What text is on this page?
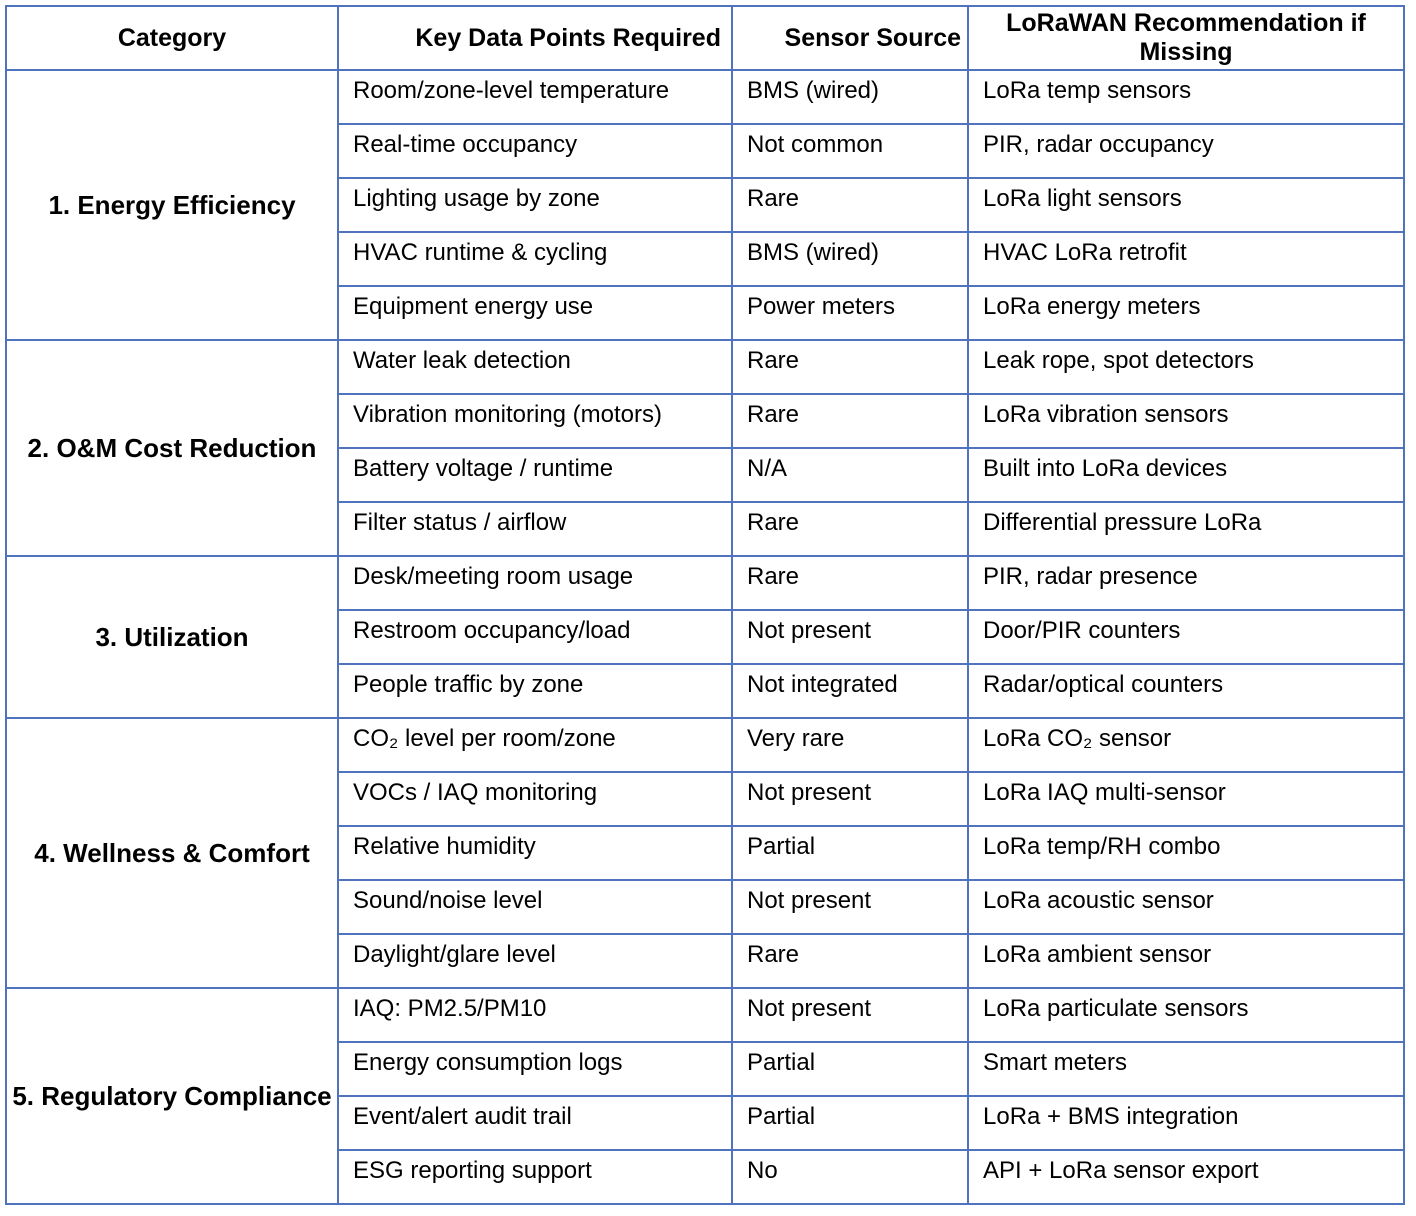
Category	Key Data Points Required	Sensor Source	LoRaWAN Recommendation if Missing
1. Energy Efficiency	Room/zone-level temperature	BMS (wired)	LoRa temp sensors
	Real-time occupancy	Not common	PIR, radar occupancy
	Lighting usage by zone	Rare	LoRa light sensors
	HVAC runtime & cycling	BMS (wired)	HVAC LoRa retrofit
	Equipment energy use	Power meters	LoRa energy meters
2. O&M Cost Reduction	Water leak detection	Rare	Leak rope, spot detectors
	Vibration monitoring (motors)	Rare	LoRa vibration sensors
	Battery voltage / runtime	N/A	Built into LoRa devices
	Filter status / airflow	Rare	Differential pressure LoRa
3. Utilization	Desk/meeting room usage	Rare	PIR, radar presence
	Restroom occupancy/load	Not present	Door/PIR counters
	People traffic by zone	Not integrated	Radar/optical counters
4. Wellness & Comfort	CO₂ level per room/zone	Very rare	LoRa CO₂ sensor
	VOCs / IAQ monitoring	Not present	LoRa IAQ multi-sensor
	Relative humidity	Partial	LoRa temp/RH combo
	Sound/noise level	Not present	LoRa acoustic sensor
	Daylight/glare level	Rare	LoRa ambient sensor
5. Regulatory Compliance	IAQ: PM2.5/PM10	Not present	LoRa particulate sensors
	Energy consumption logs	Partial	Smart meters
	Event/alert audit trail	Partial	LoRa + BMS integration
	ESG reporting support	No	API + LoRa sensor export
